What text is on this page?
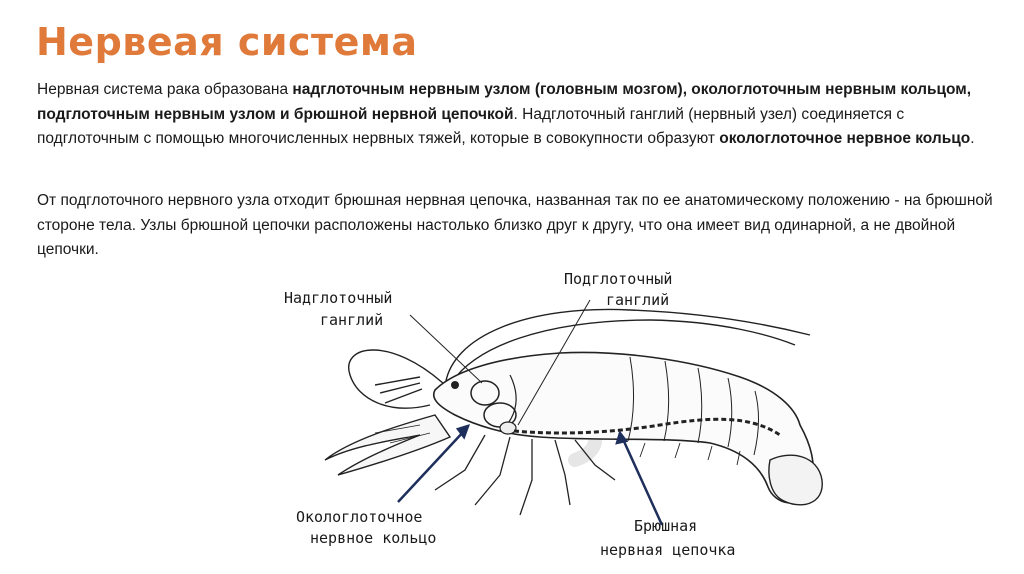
Нервеая система
Нервная система рака образована надглоточным нервным узлом (головным мозгом), окологлоточным нервным кольцом, подглоточным нервным узлом и брюшной нервной цепочкой. Надглоточный ганглий (нервный узел) соединяется с подглоточным с помощью многочисленных нервных тяжей, которые в совокупности образуют окологлоточное нервное кольцо.
От подглоточного нервного узла отходит брюшная нервная цепочка, названная так по ее анатомическому положению - на брюшной стороне тела. Узлы брюшной цепочки расположены настолько близко друг к другу, что она имеет вид одинарной, а не двойной цепочки.
Надглоточный
ганглий
Подглоточный
ганглий
Окологлоточное
нервное кольцо
Брюшная
нервная цепочка
